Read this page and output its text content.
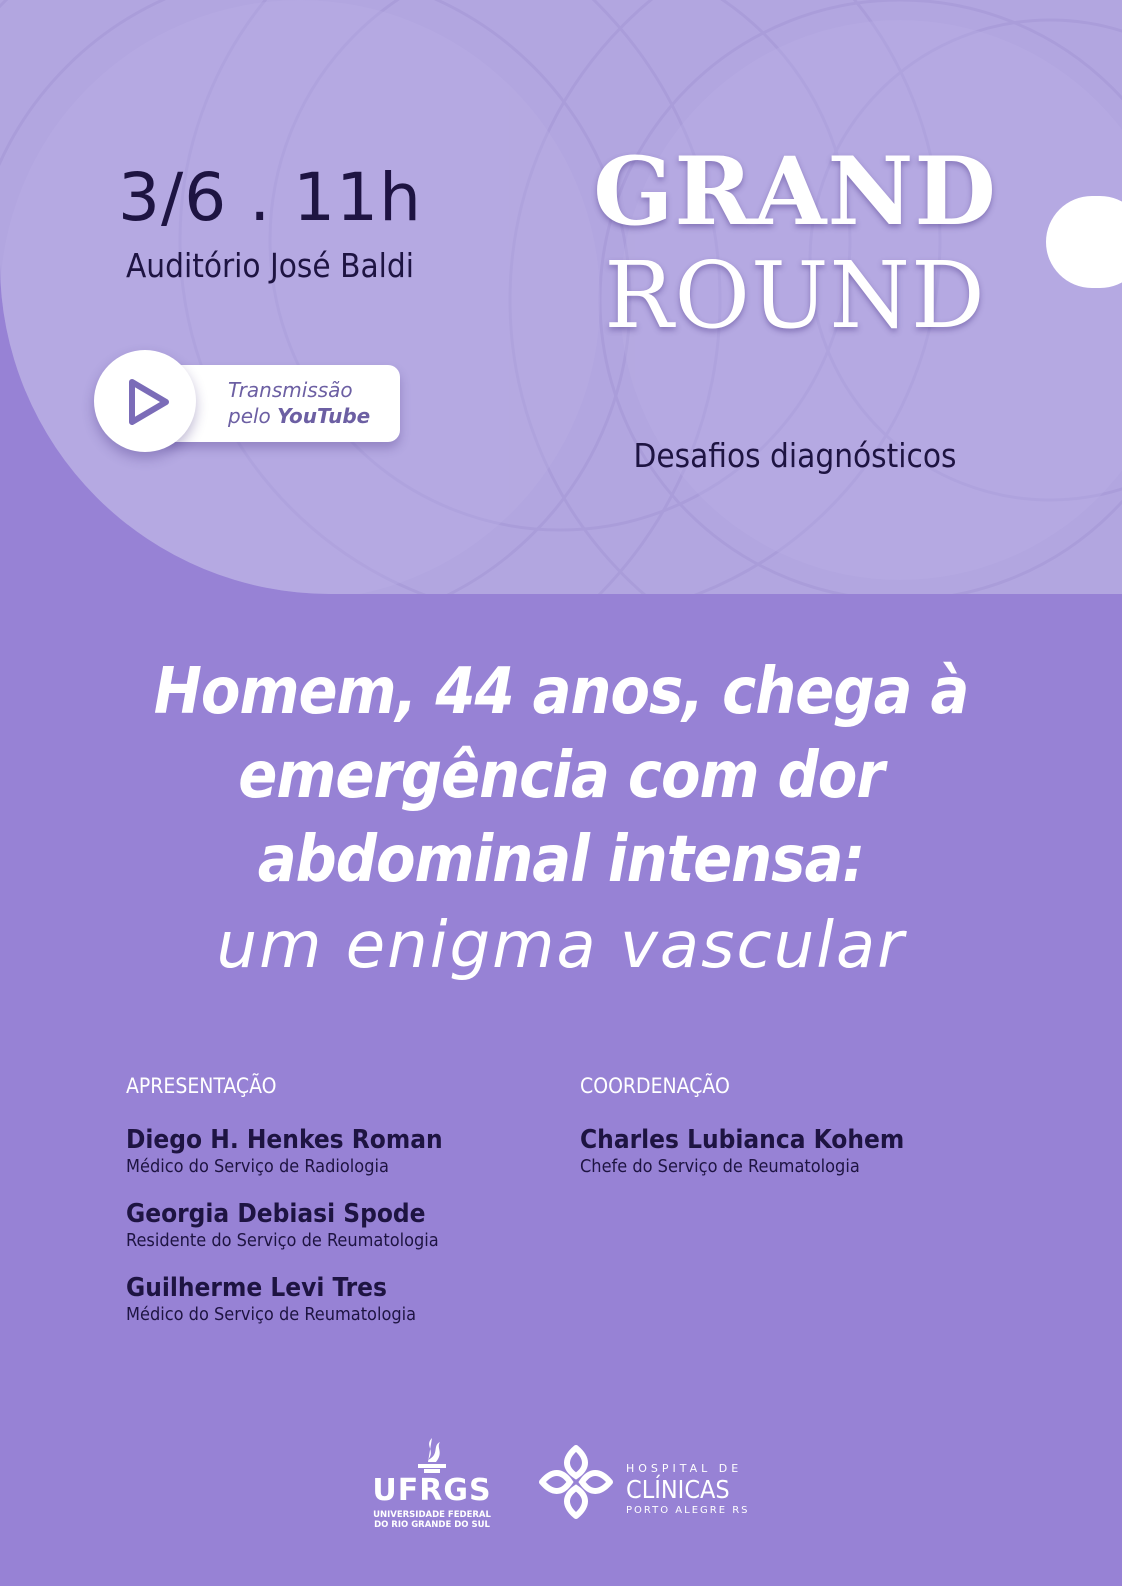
3/6 . 11h
Auditório José Baldi
Transmissão
pelo YouTube
GRAND
ROUND
Desafios diagnósticos
Homem, 44 anos, chega à
emergência com dor
abdominal intensa:
um enigma vascular
APRESENTAÇÃO
Diego H. Henkes Roman
Médico do Serviço de Radiologia
Georgia Debiasi Spode
Residente do Serviço de Reumatologia
Guilherme Levi Tres
Médico do Serviço de Reumatologia
COORDENAÇÃO
Charles Lubianca Kohem
Chefe do Serviço de Reumatologia
UFRGS
UNIVERSIDADE FEDERAL
DO RIO GRANDE DO SUL
HOSPITAL DE
CLÍNICAS
PORTO ALEGRE RS
